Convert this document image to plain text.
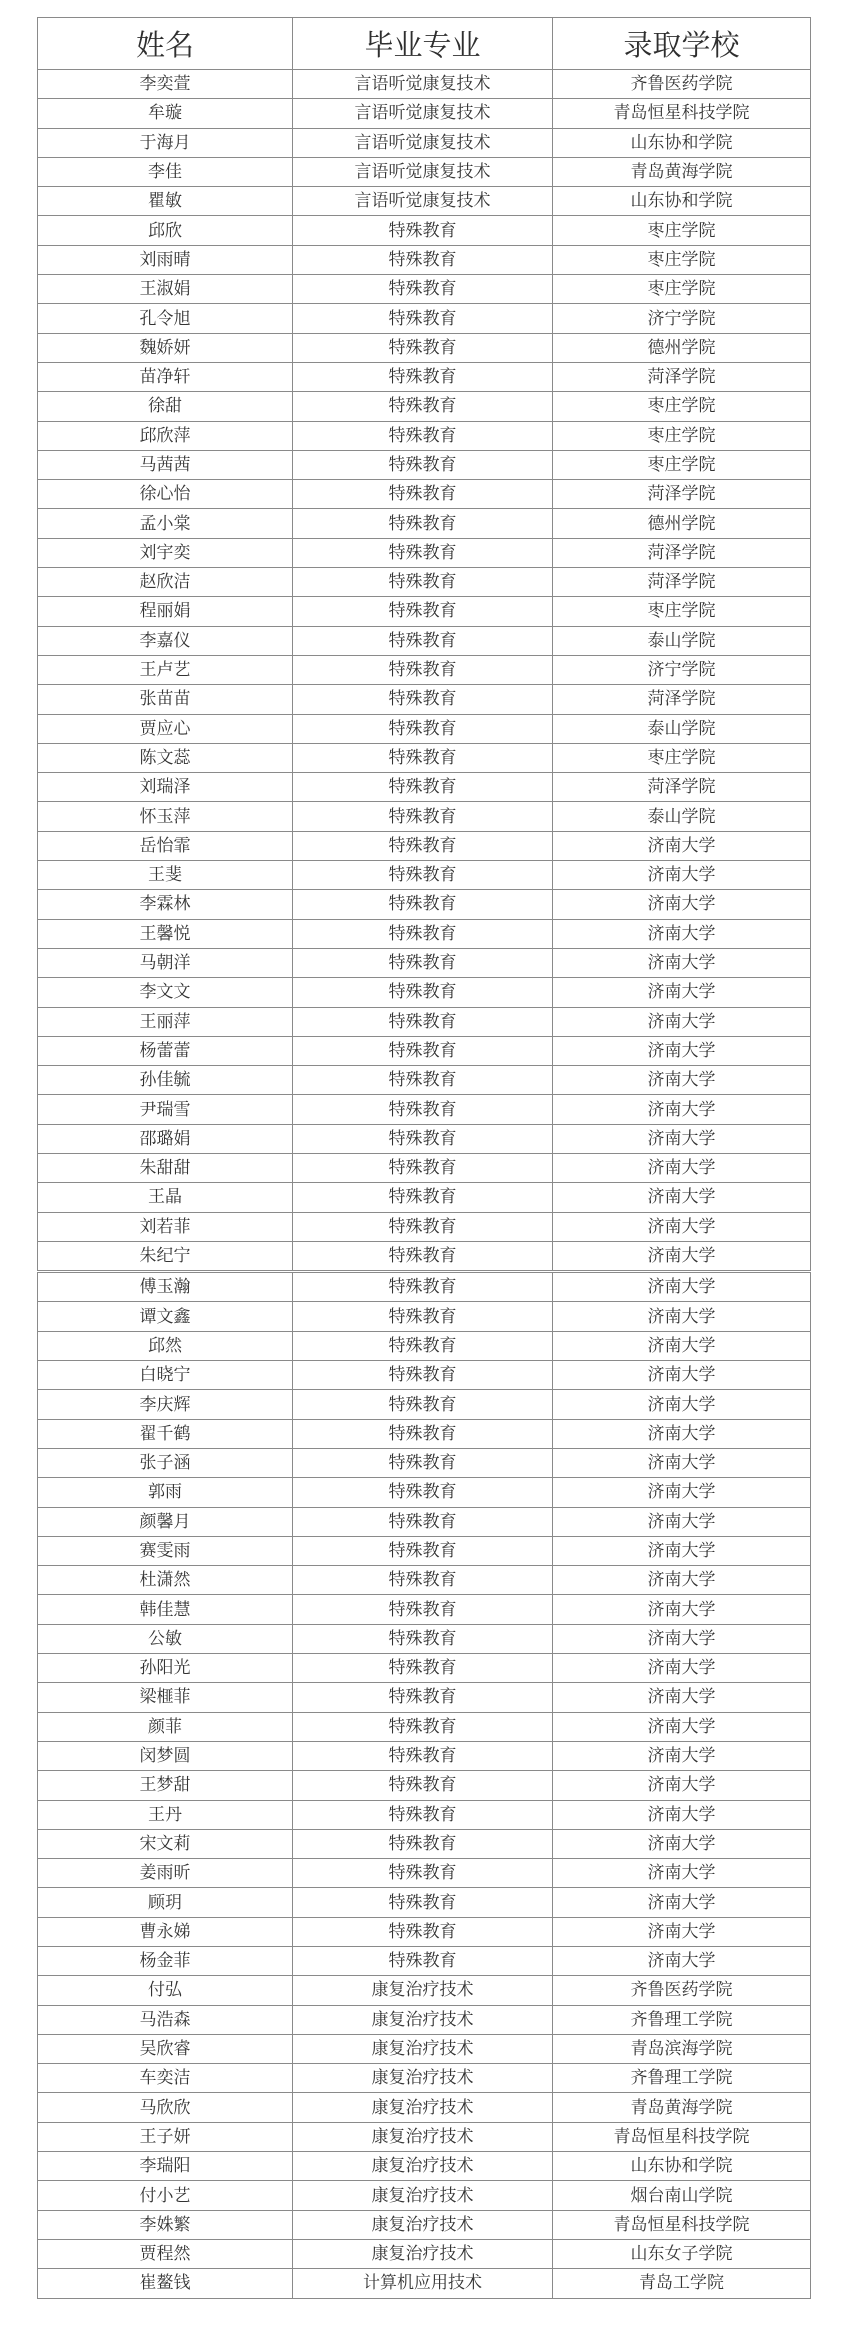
姓名	毕业专业	录取学校
李奕萱	言语听觉康复技术	齐鲁医药学院
牟璇	言语听觉康复技术	青岛恒星科技学院
于海月	言语听觉康复技术	山东协和学院
李佳	言语听觉康复技术	青岛黄海学院
瞿敏	言语听觉康复技术	山东协和学院
邱欣	特殊教育	枣庄学院
刘雨晴	特殊教育	枣庄学院
王淑娟	特殊教育	枣庄学院
孔令旭	特殊教育	济宁学院
魏娇妍	特殊教育	德州学院
苗净轩	特殊教育	菏泽学院
徐甜	特殊教育	枣庄学院
邱欣萍	特殊教育	枣庄学院
马茜茜	特殊教育	枣庄学院
徐心怡	特殊教育	菏泽学院
孟小棠	特殊教育	德州学院
刘宇奕	特殊教育	菏泽学院
赵欣洁	特殊教育	菏泽学院
程丽娟	特殊教育	枣庄学院
李嘉仪	特殊教育	泰山学院
王卢艺	特殊教育	济宁学院
张苗苗	特殊教育	菏泽学院
贾应心	特殊教育	泰山学院
陈文蕊	特殊教育	枣庄学院
刘瑞泽	特殊教育	菏泽学院
怀玉萍	特殊教育	泰山学院
岳怡霏	特殊教育	济南大学
王斐	特殊教育	济南大学
李霖林	特殊教育	济南大学
王馨悦	特殊教育	济南大学
马朝洋	特殊教育	济南大学
李文文	特殊教育	济南大学
王丽萍	特殊教育	济南大学
杨蕾蕾	特殊教育	济南大学
孙佳毓	特殊教育	济南大学
尹瑞雪	特殊教育	济南大学
邵璐娟	特殊教育	济南大学
朱甜甜	特殊教育	济南大学
王晶	特殊教育	济南大学
刘若菲	特殊教育	济南大学
朱纪宁	特殊教育	济南大学
傅玉瀚	特殊教育	济南大学
谭文鑫	特殊教育	济南大学
邱然	特殊教育	济南大学
白晓宁	特殊教育	济南大学
李庆辉	特殊教育	济南大学
翟千鹤	特殊教育	济南大学
张子涵	特殊教育	济南大学
郭雨	特殊教育	济南大学
颜馨月	特殊教育	济南大学
赛雯雨	特殊教育	济南大学
杜潇然	特殊教育	济南大学
韩佳慧	特殊教育	济南大学
公敏	特殊教育	济南大学
孙阳光	特殊教育	济南大学
梁榧菲	特殊教育	济南大学
颜菲	特殊教育	济南大学
闵梦圆	特殊教育	济南大学
王梦甜	特殊教育	济南大学
王丹	特殊教育	济南大学
宋文莉	特殊教育	济南大学
姜雨昕	特殊教育	济南大学
顾玥	特殊教育	济南大学
曹永娣	特殊教育	济南大学
杨金菲	特殊教育	济南大学
付弘	康复治疗技术	齐鲁医药学院
马浩森	康复治疗技术	齐鲁理工学院
吴欣睿	康复治疗技术	青岛滨海学院
车奕洁	康复治疗技术	齐鲁理工学院
马欣欣	康复治疗技术	青岛黄海学院
王子妍	康复治疗技术	青岛恒星科技学院
李瑞阳	康复治疗技术	山东协和学院
付小艺	康复治疗技术	烟台南山学院
李姝繁	康复治疗技术	青岛恒星科技学院
贾程然	康复治疗技术	山东女子学院
崔鳌钱	计算机应用技术	青岛工学院
